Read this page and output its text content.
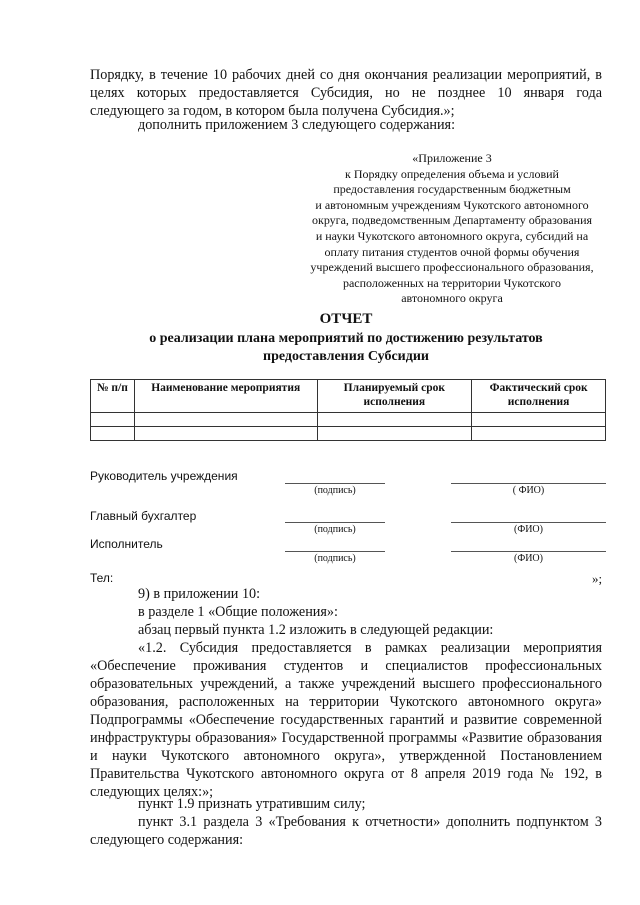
Порядку, в течение 10 рабочих дней со дня окончания реализации мероприятий, в целях которых предоставляется Субсидия, но не позднее 10 января года следующего за годом, в котором была получена Субсидия.»;
дополнить приложением 3 следующего содержания:
«Приложение 3
к Порядку определения объема и условий
предоставления государственным бюджетным
и автономным учреждениям Чукотского автономного
округа, подведомственным Департаменту образования
и науки Чукотского автономного округа, субсидий на
оплату питания студентов очной формы обучения
учреждений высшего профессионального образования,
расположенных на территории Чукотского
автономного округа
ОТЧЕТ
о реализации плана мероприятий по достижению результатов
предоставления Субсидии
№ п/п	Наименование мероприятия	Планируемый срок исполнения	Фактический срок исполнения

Руководитель учреждения
(подпись)	( ФИО)
Главный бухгалтер
(подпись)	(ФИО)
Исполнитель
(подпись)	(ФИО)
Тел:	»;
9) в приложении 10:
в разделе 1 «Общие положения»:
абзац первый пункта 1.2 изложить в следующей редакции:
«1.2. Субсидия предоставляется в рамках реализации мероприятия «Обеспечение проживания студентов и специалистов профессиональных образовательных учреждений, а также учреждений высшего профессионального образования, расположенных на территории Чукотского автономного округа» Подпрограммы «Обеспечение государственных гарантий и развитие современной инфраструктуры образования» Государственной программы «Развитие образования и науки Чукотского автономного округа», утвержденной Постановлением Правительства Чукотского автономного округа от 8 апреля 2019 года № 192, в следующих целях:»;
пункт 1.9 признать утратившим силу;
пункт 3.1 раздела 3 «Требования к отчетности» дополнить подпунктом 3 следующего содержания:
